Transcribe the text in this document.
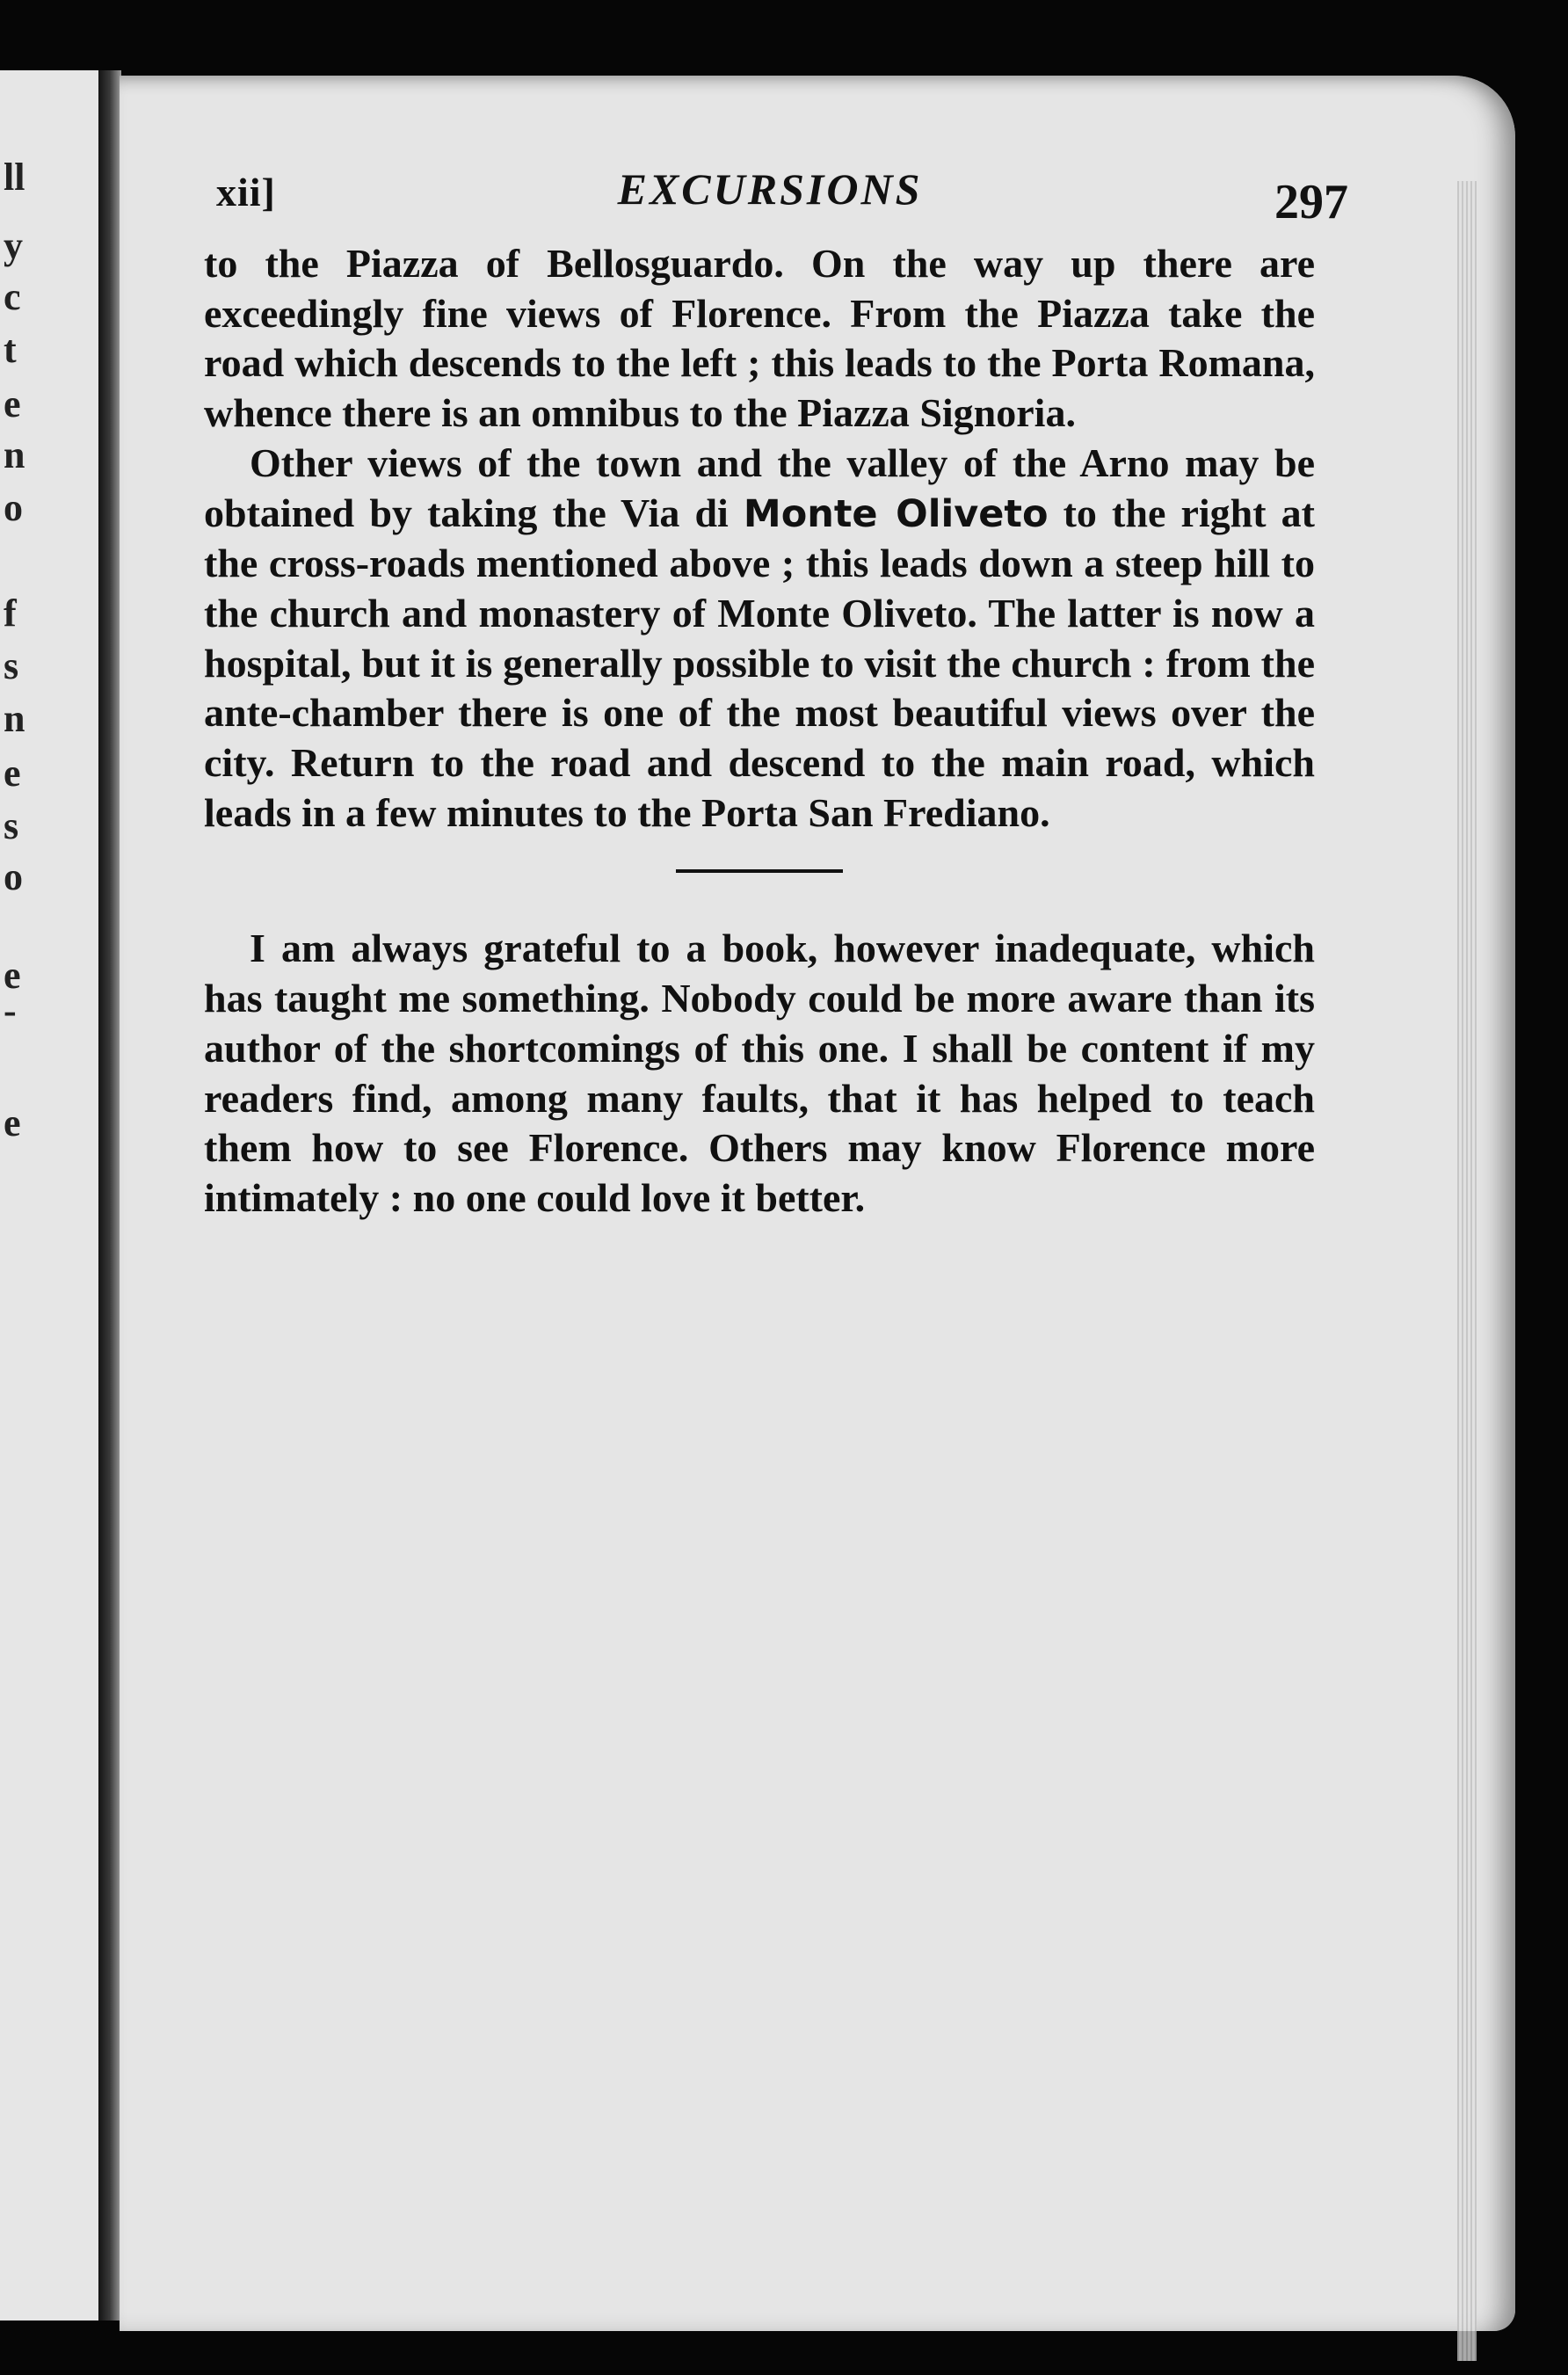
ll
y
c
t
e
n
o
f
s
n
e
s
o
e
-
e
xii]	EXCURSIONS	297

to the Piazza of Bellosguardo. On the way up there are exceedingly fine views of Florence. From the Piazza take the road which descends to the left ; this leads to the Porta Romana, whence there is an omnibus to the Piazza Signoria.

Other views of the town and the valley of the Arno may be obtained by taking the Via di Monte Oliveto to the right at the cross-roads mentioned above ; this leads down a steep hill to the church and monastery of Monte Oliveto. The latter is now a hospital, but it is generally possible to visit the church : from the ante-chamber there is one of the most beautiful views over the city. Return to the road and descend to the main road, which leads in a few minutes to the Porta San Frediano.

I am always grateful to a book, however inadequate, which has taught me something. Nobody could be more aware than its author of the shortcomings of this one. I shall be content if my readers find, among many faults, that it has helped to teach them how to see Florence. Others may know Florence more intimately : no one could love it better.
